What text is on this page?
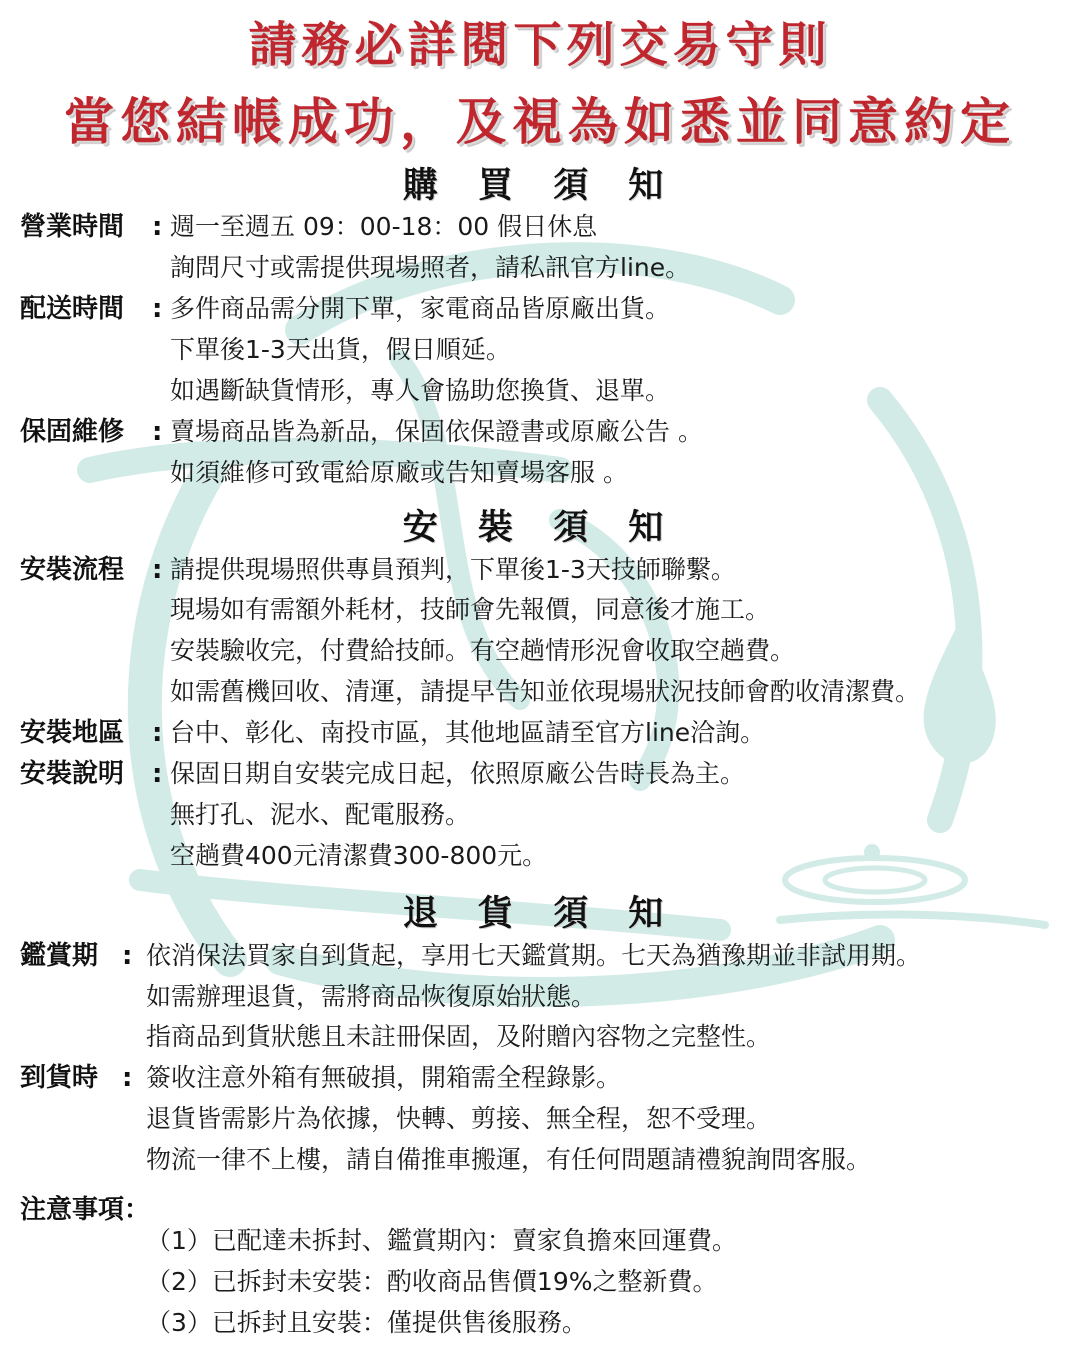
請務必詳閱下列交易守則
當您結帳成功，及視為如悉並同意約定
購 買 須 知
營業時間 : 週一至週五 09：00-18：00 假日休息
詢問尺寸或需提供現場照者，請私訊官方line。
配送時間 : 多件商品需分開下單，家電商品皆原廠出貨。
下單後1-3天出貨，假日順延。
如遇斷缺貨情形，專人會協助您換貨、退單。
保固維修 : 賣場商品皆為新品，保固依保證書或原廠公告 。
如須維修可致電給原廠或告知賣場客服 。
安 裝 須 知
安裝流程 : 請提供現場照供專員預判，下單後1-3天技師聯繫。
現場如有需額外耗材，技師會先報價，同意後才施工。
安裝驗收完，付費給技師。有空趟情形況會收取空趟費。
如需舊機回收、清運，請提早告知並依現場狀況技師會酌收清潔費。
安裝地區 : 台中、彰化、南投市區，其他地區請至官方line洽詢。
安裝說明 : 保固日期自安裝完成日起，依照原廠公告時長為主。
無打孔、泥水、配電服務。
空趟費400元清潔費300-800元。
退 貨 須 知
鑑賞期 : 依消保法買家自到貨起，享用七天鑑賞期。七天為猶豫期並非試用期。
如需辦理退貨，需將商品恢復原始狀態。
指商品到貨狀態且未註冊保固，及附贈內容物之完整性。
到貨時 : 簽收注意外箱有無破損，開箱需全程錄影。
退貨皆需影片為依據，快轉、剪接、無全程，恕不受理。
物流一律不上樓，請自備推車搬運，有任何問題請禮貌詢問客服。
注意事項：
（1）已配達未拆封、鑑賞期內：賣家負擔來回運費。
（2）已拆封未安裝：酌收商品售價19%之整新費。
（3）已拆封且安裝：僅提供售後服務。
